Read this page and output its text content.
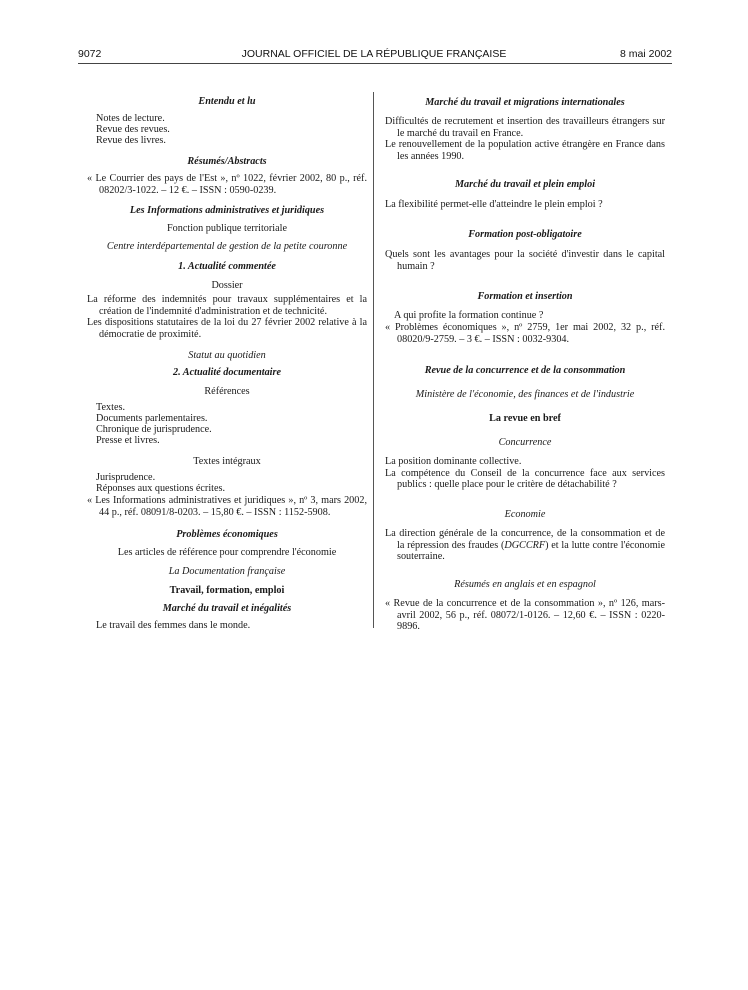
9072	JOURNAL OFFICIEL DE LA RÉPUBLIQUE FRANÇAISE	8 mai 2002
Entendu et lu
Notes de lecture.
Revue des revues.
Revue des livres.
Résumés/Abstracts
« Le Courrier des pays de l'Est », nº 1022, février 2002, 80 p., réf. 08202/3-1022. – 12 €. – ISSN : 0590-0239.
Les Informations administratives et juridiques
Fonction publique territoriale
Centre interdépartemental de gestion de la petite couronne
1. Actualité commentée
Dossier
La réforme des indemnités pour travaux supplémentaires et la création de l'indemnité d'administration et de technicité.
Les dispositions statutaires de la loi du 27 février 2002 relative à la démocratie de proximité.
Statut au quotidien
2. Actualité documentaire
Références
Textes.
Documents parlementaires.
Chronique de jurisprudence.
Presse et livres.
Textes intégraux
Jurisprudence.
Réponses aux questions écrites.
« Les Informations administratives et juridiques », nº 3, mars 2002, 44 p., réf. 08091/8-0203. – 15,80 €. – ISSN : 1152-5908.
Problèmes économiques
Les articles de référence pour comprendre l'économie
La Documentation française
Travail, formation, emploi
Marché du travail et inégalités
Le travail des femmes dans le monde.
Marché du travail et migrations internationales
Difficultés de recrutement et insertion des travailleurs étrangers sur le marché du travail en France.
Le renouvellement de la population active étrangère en France dans les années 1990.
Marché du travail et plein emploi
La flexibilité permet-elle d'atteindre le plein emploi ?
Formation post-obligatoire
Quels sont les avantages pour la société d'investir dans le capital humain ?
Formation et insertion
A qui profite la formation continue ?
« Problèmes économiques », nº 2759, 1er mai 2002, 32 p., réf. 08020/9-2759. – 3 €. – ISSN : 0032-9304.
Revue de la concurrence et de la consommation
Ministère de l'économie, des finances et de l'industrie
La revue en bref
Concurrence
La position dominante collective.
La compétence du Conseil de la concurrence face aux services publics : quelle place pour le critère de détachabilité ?
Economie
La direction générale de la concurrence, de la consommation et de la répression des fraudes (DGCCRF) et la lutte contre l'économie souterraine.
Résumés en anglais et en espagnol
« Revue de la concurrence et de la consommation », nº 126, mars-avril 2002, 56 p., réf. 08072/1-0126. – 12,60 €. – ISSN : 0220-9896.
